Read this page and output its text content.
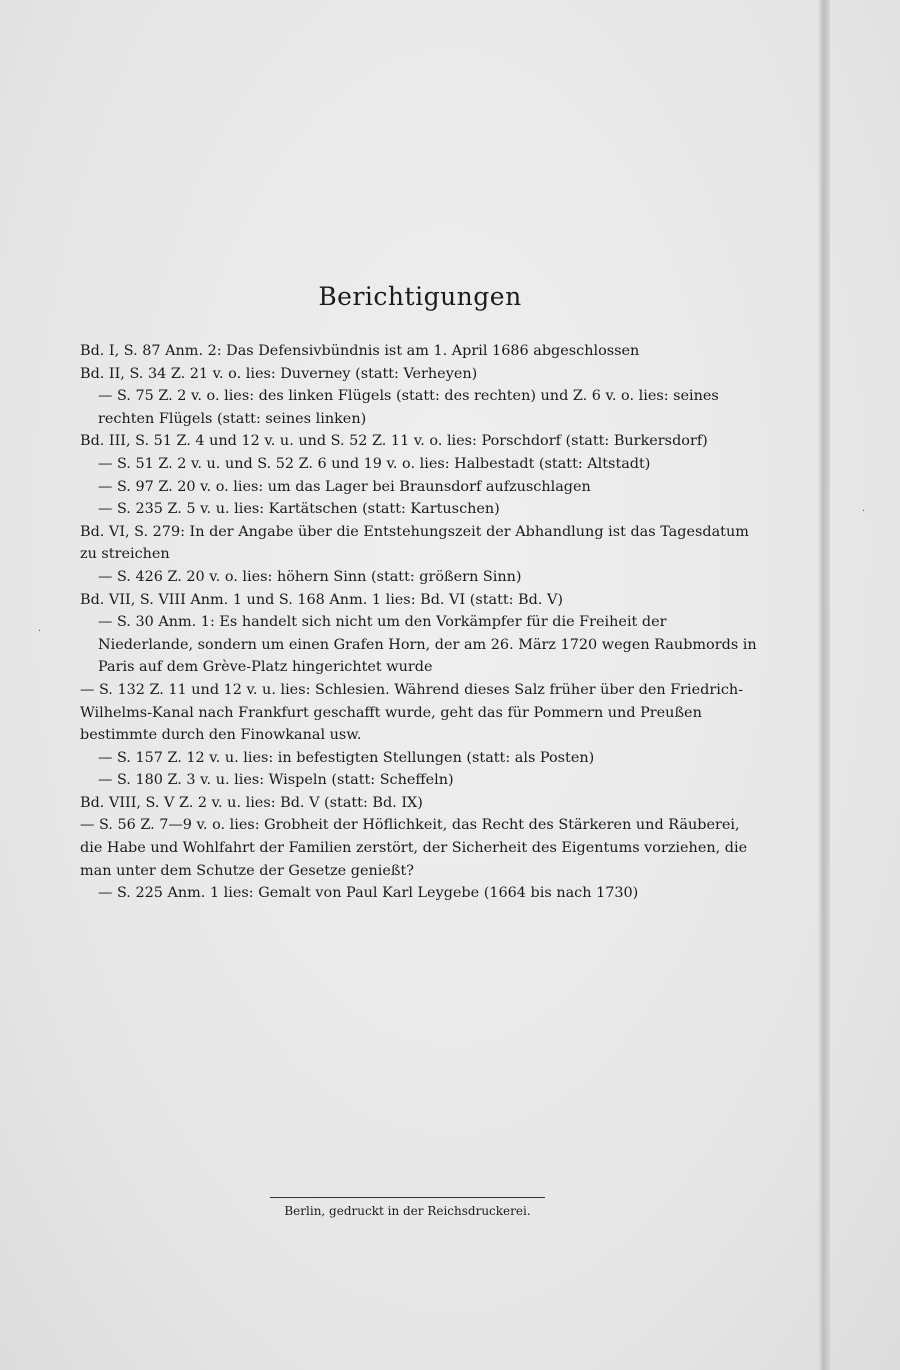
Berichtigungen

Bd. I, S. 87 Anm. 2: Das Defensivbündnis ist am 1. April 1686 abgeschlossen

Bd. II, S. 34 Z. 21 v. o. lies: Duverney (statt: Verheyen)

— S. 75 Z. 2 v. o. lies: des linken Flügels (statt: des rechten) und Z. 6 v. o. lies: seines rechten Flügels (statt: seines linken)

Bd. III, S. 51 Z. 4 und 12 v. u. und S. 52 Z. 11 v. o. lies: Porschdorf (statt: Burkersdorf)

— S. 51 Z. 2 v. u. und S. 52 Z. 6 und 19 v. o. lies: Halbestadt (statt: Altstadt)

— S. 97 Z. 20 v. o. lies: um das Lager bei Braunsdorf aufzuschlagen

— S. 235 Z. 5 v. u. lies: Kartätschen (statt: Kartuschen)

Bd. VI, S. 279: In der Angabe über die Entstehungszeit der Abhandlung ist das Tagesdatum zu streichen

— S. 426 Z. 20 v. o. lies: höhern Sinn (statt: größern Sinn)

Bd. VII, S. VIII Anm. 1 und S. 168 Anm. 1 lies: Bd. VI (statt: Bd. V)

— S. 30 Anm. 1: Es handelt sich nicht um den Vorkämpfer für die Freiheit der Niederlande, sondern um einen Grafen Horn, der am 26. März 1720 wegen Raubmords in Paris auf dem Grève-Platz hingerichtet wurde

— S. 132 Z. 11 und 12 v. u. lies: Schlesien. Während dieses Salz früher über den Friedrich-Wilhelms-Kanal nach Frankfurt geschafft wurde, geht das für Pommern und Preußen bestimmte durch den Finowkanal usw.

— S. 157 Z. 12 v. u. lies: in befestigten Stellungen (statt: als Posten)

— S. 180 Z. 3 v. u. lies: Wispeln (statt: Scheffeln)

Bd. VIII, S. V Z. 2 v. u. lies: Bd. V (statt: Bd. IX)

— S. 56 Z. 7—9 v. o. lies: Grobheit der Höflichkeit, das Recht des Stärkeren und Räuberei, die Habe und Wohlfahrt der Familien zerstört, der Sicherheit des Eigentums vorziehen, die man unter dem Schutze der Gesetze genießt?

— S. 225 Anm. 1 lies: Gemalt von Paul Karl Leygebe (1664 bis nach 1730)

Berlin, gedruckt in der Reichsdruckerei.
·
·
